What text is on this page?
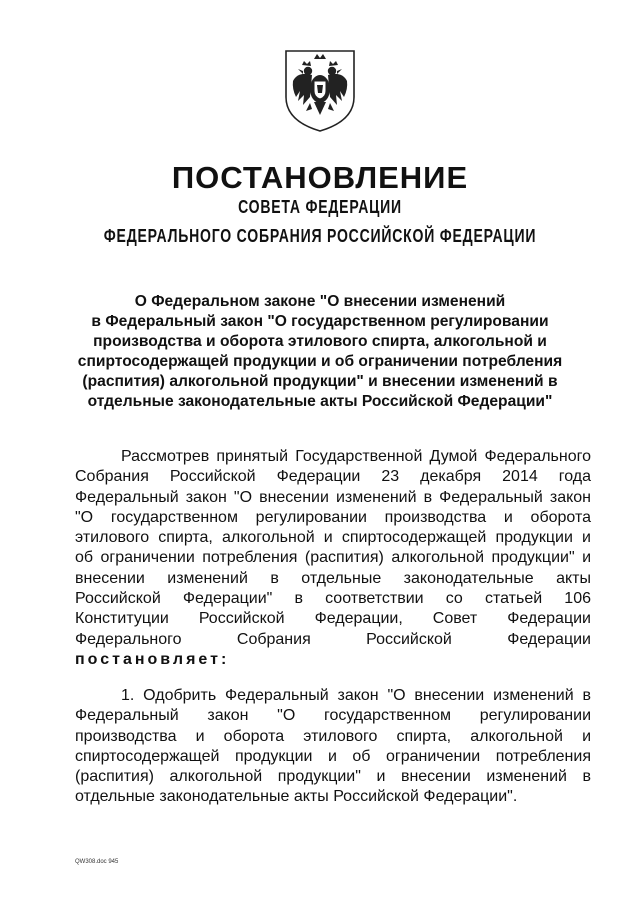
ПОСТАНОВЛЕНИЕ
СОВЕТА ФЕДЕРАЦИИ
ФЕДЕРАЛЬНОГО СОБРАНИЯ РОССИЙСКОЙ ФЕДЕРАЦИИ
О Федеральном законе "О внесении изменений
в Федеральный закон "О государственном регулировании
производства и оборота этилового спирта, алкогольной и
спиртосодержащей продукции и об ограничении потребления
(распития) алкогольной продукции" и внесении изменений в
отдельные законодательные акты Российской Федерации"
Рассмотрев принятый Государственной Думой Федерального
Собрания Российской Федерации 23 декабря 2014 года
Федеральный закон "О внесении изменений в Федеральный закон
"О государственном регулировании производства и оборота
этилового спирта, алкогольной и спиртосодержащей продукции и
об ограничении потребления (распития) алкогольной продукции" и
внесении изменений в отдельные законодательные акты
Российской Федерации" в соответствии со статьей 106
Конституции Российской Федерации, Совет Федерации
Федерального Собрания Российской Федерации
постановляет:
1. Одобрить Федеральный закон "О внесении изменений в
Федеральный закон "О государственном регулировании
производства и оборота этилового спирта, алкогольной и
спиртосодержащей продукции и об ограничении потребления
(распития) алкогольной продукции" и внесении изменений в
отдельные законодательные акты Российской Федерации".
QW308.doc 945
